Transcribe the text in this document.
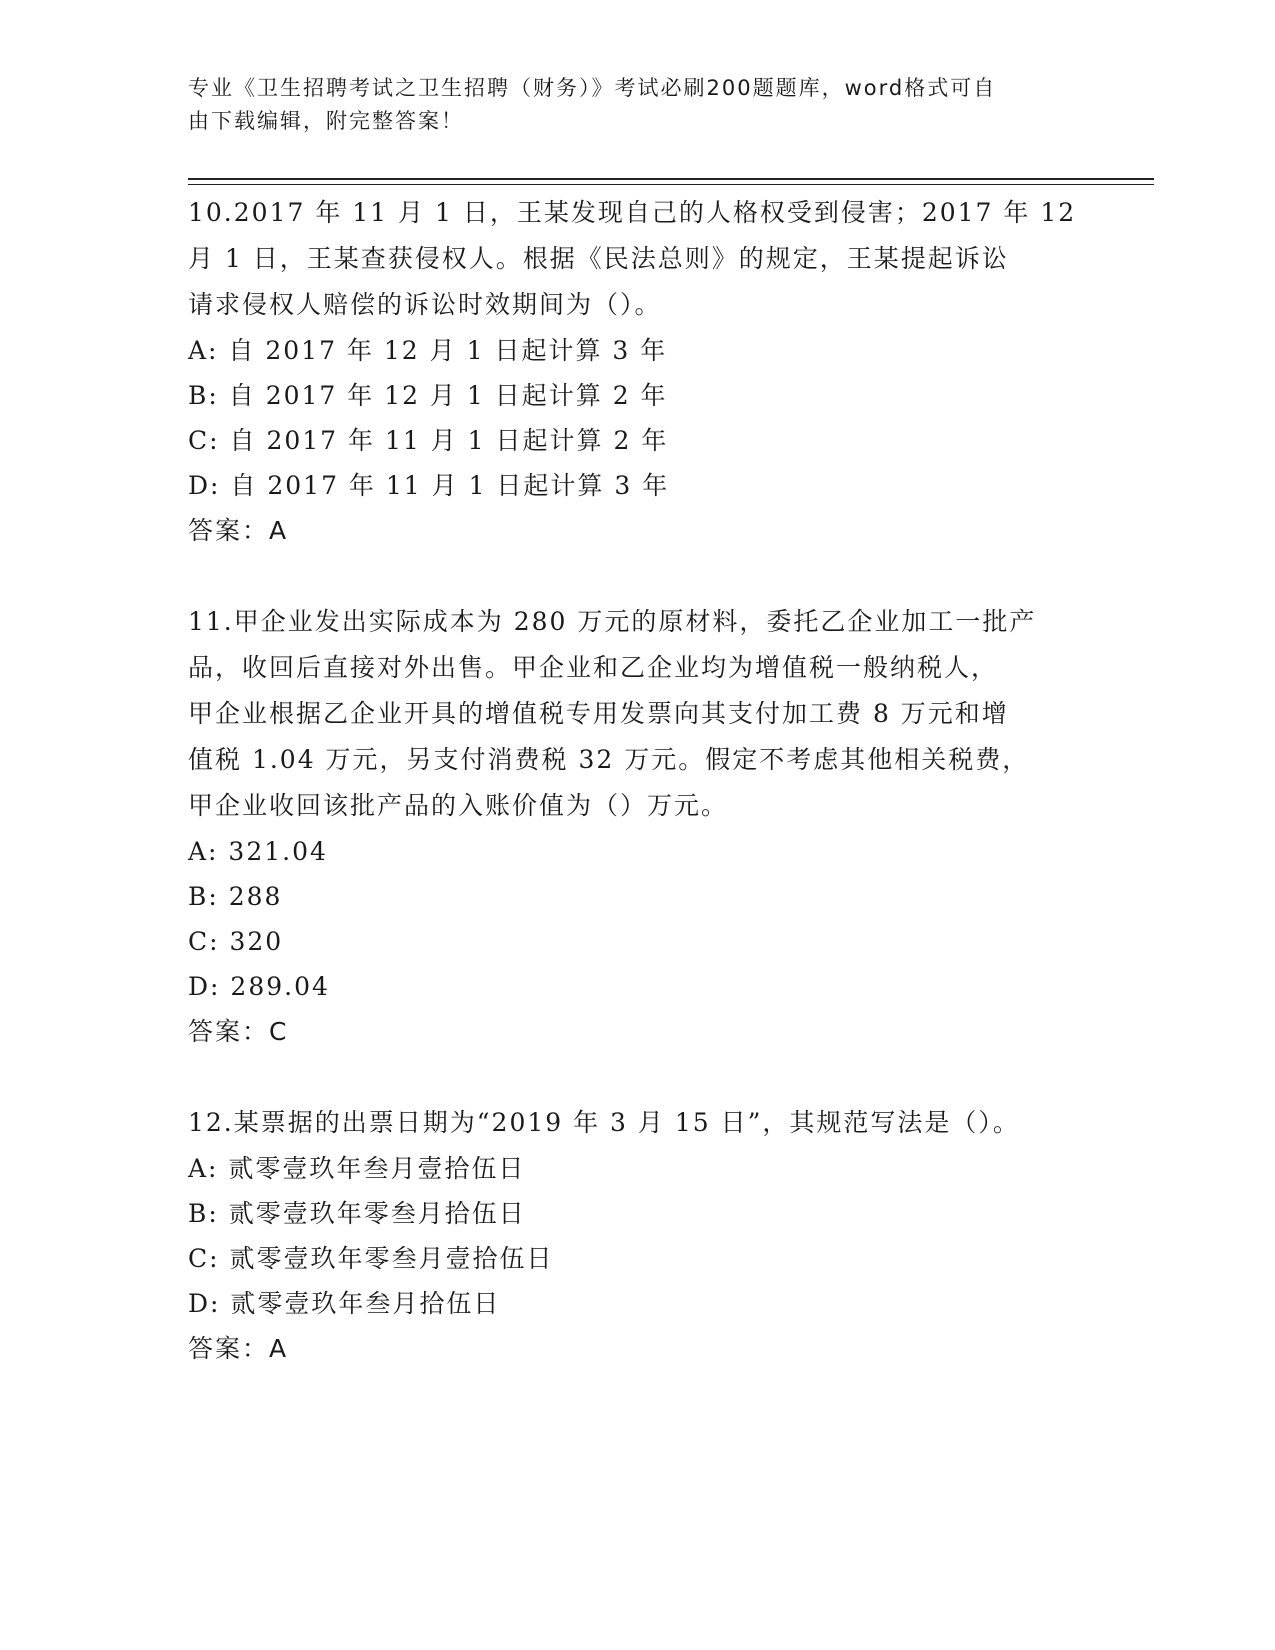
专业《卫生招聘考试之卫生招聘（财务）》考试必刷200题题库，word格式可自
由下载编辑，附完整答案！
10.2017 年 11 月 1 日，王某发现自己的人格权受到侵害；2017 年 12
月 1 日，王某查获侵权人。根据《民法总则》的规定，王某提起诉讼
请求侵权人赔偿的诉讼时效期间为（）。
A: 自 2017 年 12 月 1 日起计算 3 年
B: 自 2017 年 12 月 1 日起计算 2 年
C: 自 2017 年 11 月 1 日起计算 2 年
D: 自 2017 年 11 月 1 日起计算 3 年
答案：A
11.甲企业发出实际成本为 280 万元的原材料，委托乙企业加工一批产
品，收回后直接对外出售。甲企业和乙企业均为增值税一般纳税人，
甲企业根据乙企业开具的增值税专用发票向其支付加工费 8 万元和增
值税 1.04 万元，另支付消费税 32 万元。假定不考虑其他相关税费，
甲企业收回该批产品的入账价值为（）万元。
A: 321.04
B: 288
C: 320
D: 289.04
答案：C
12.某票据的出票日期为“2019 年 3 月 15 日”，其规范写法是（）。
A: 贰零壹玖年叁月壹拾伍日
B: 贰零壹玖年零叁月拾伍日
C: 贰零壹玖年零叁月壹拾伍日
D: 贰零壹玖年叁月拾伍日
答案：A
